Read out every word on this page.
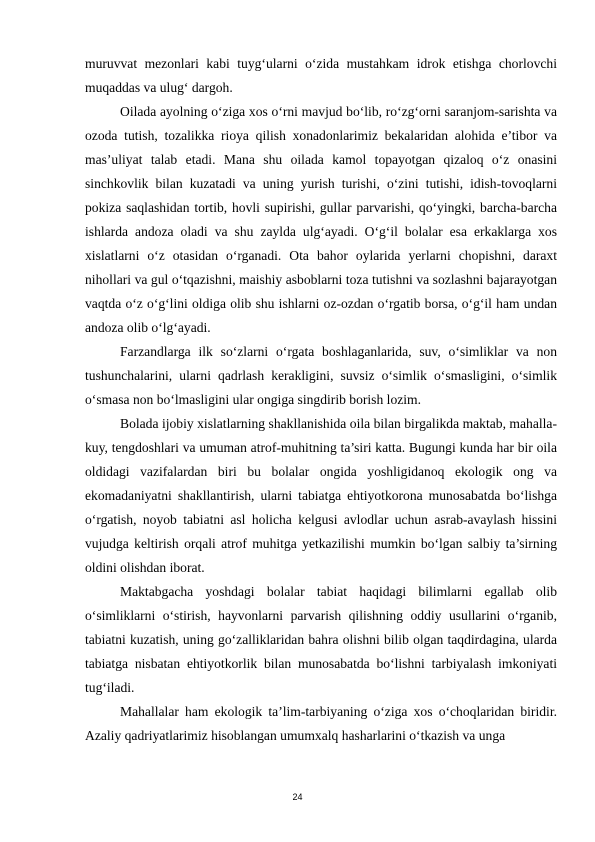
muruvvat mezonlari kabi tuyg‘ularni o‘zida mustahkam idrok etishga chorlovchi muqaddas va ulug‘ dargoh.

Oilada ayolning o‘ziga xos o‘rni mavjud bo‘lib, ro‘zg‘orni saranjom-sarishta va ozoda tutish, tozalikka rioya qilish xonadonlarimiz bekalaridan alohida e’tibor va mas’uliyat talab etadi. Mana shu oilada kamol topayotgan qizaloq o‘z onasini sinchkovlik bilan kuzatadi va uning yurish turishi, o‘zini tutishi, idish-tovoqlarni pokiza saqlashidan tortib, hovli supirishi, gullar parvarishi, qo‘yingki, barcha-barcha ishlarda andoza oladi va shu zaylda ulg‘ayadi. O‘g‘il bolalar esa erkaklarga xos xislatlarni o‘z otasidan o‘rganadi. Ota bahor oylarida yerlarni chopishni, daraxt nihollari va gul o‘tqazishni, maishiy asboblarni toza tutishni va sozlashni bajarayotgan vaqtda o‘z o‘g‘lini oldiga olib shu ishlarni oz-ozdan o‘rgatib borsa, o‘g‘il ham undan andoza olib o‘lg‘ayadi.

Farzandlarga ilk so‘zlarni o‘rgata boshlaganlarida, suv, o‘simliklar va non tushunchalarini, ularni qadrlash kerakligini, suvsiz o‘simlik o‘smasligini, o‘simlik o‘smasa non bo‘lmasligini ular ongiga singdirib borish lozim.

Bolada ijobiy xislatlarning shakllanishida oila bilan birgalikda maktab, mahalla-kuy, tengdoshlari va umuman atrof-muhitning ta’siri katta. Bugungi kunda har bir oila oldidagi vazifalardan biri bu bolalar ongida yoshligidanoq ekologik ong va ekomadaniyatni shakllantirish, ularni tabiatga ehtiyotkorona munosabatda bo‘lishga o‘rgatish, noyob tabiatni asl holicha kelgusi avlodlar uchun asrab-avaylash hissini vujudga keltirish orqali atrof muhitga yetkazilishi mumkin bo‘lgan salbiy ta’sirning oldini olishdan iborat.

Maktabgacha yoshdagi bolalar tabiat haqidagi bilimlarni egallab olib o‘simliklarni o‘stirish, hayvonlarni parvarish qilishning oddiy usullarini o‘rganib, tabiatni kuzatish, uning go‘zalliklaridan bahra olishni bilib olgan taqdirdagina, ularda tabiatga nisbatan ehtiyotkorlik bilan munosabatda bo‘lishni tarbiyalash imkoniyati tug‘iladi.

Mahallalar ham ekologik ta’lim-tarbiyaning o‘ziga xos o‘choqlaridan biridir. Azaliy qadriyatlarimiz hisoblangan umumxalq hasharlarini o‘tkazish va unga

24
